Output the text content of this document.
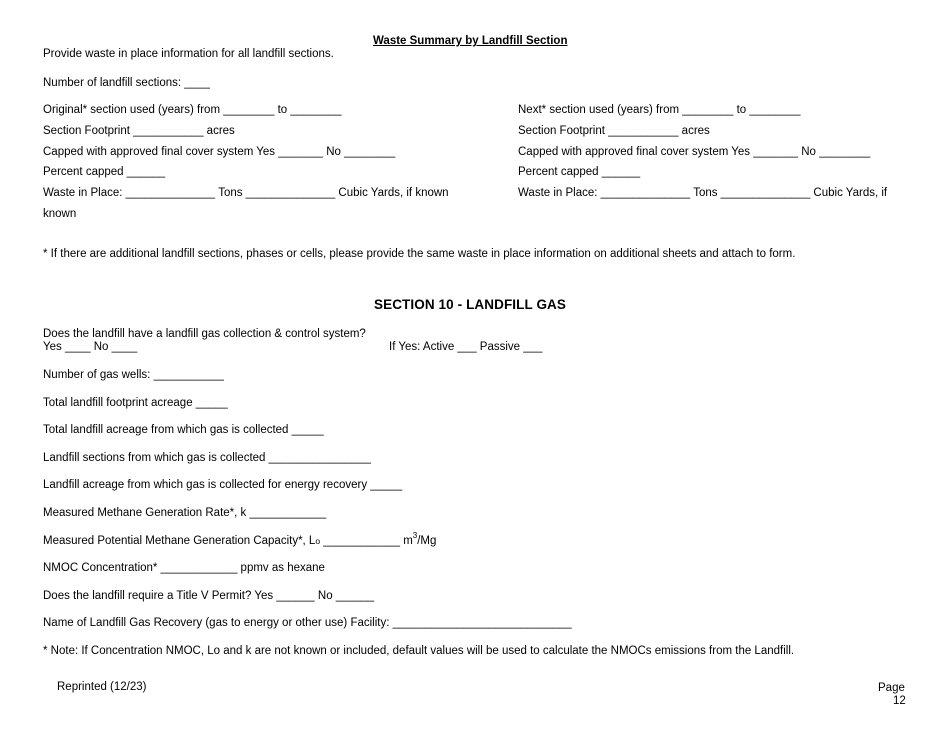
Waste Summary by Landfill Section
Provide waste in place information for all landfill sections.
Number of landfill sections: ____
Original* section used (years) from ________ to ________
Section Footprint ___________ acres
Capped with approved final cover system Yes _______ No ________
Percent capped ______
Waste in Place: ______________ Tons ______________ Cubic Yards, if known
known
Next* section used (years) from ________ to ________
Section Footprint ___________ acres
Capped with approved final cover system Yes _______ No ________
Percent capped ______
Waste in Place: ______________ Tons ______________ Cubic Yards, if
* If there are additional landfill sections, phases or cells, please provide the same waste in place information on additional sheets and attach to form.
SECTION 10 - LANDFILL GAS
Does the landfill have a landfill gas collection & control system?
Yes ____ No ____	If Yes: Active ___ Passive ___
Number of gas wells: ___________
Total landfill footprint acreage _____
Total landfill acreage from which gas is collected _____
Landfill sections from which gas is collected ________________
Landfill acreage from which gas is collected for energy recovery _____
Measured Methane Generation Rate*, k ____________
Measured Potential Methane Generation Capacity*, Lo ____________ $m^3/Mg$
NMOC Concentration* ____________ ppmv as hexane
Does the landfill require a Title V Permit? Yes ______ No ______
Name of Landfill Gas Recovery (gas to energy or other use) Facility: ____________________________
* Note: If Concentration NMOC, Lo and k are not known or included, default values will be used to calculate the NMOCs emissions from the Landfill.
Reprinted (12/23)	Page
12
